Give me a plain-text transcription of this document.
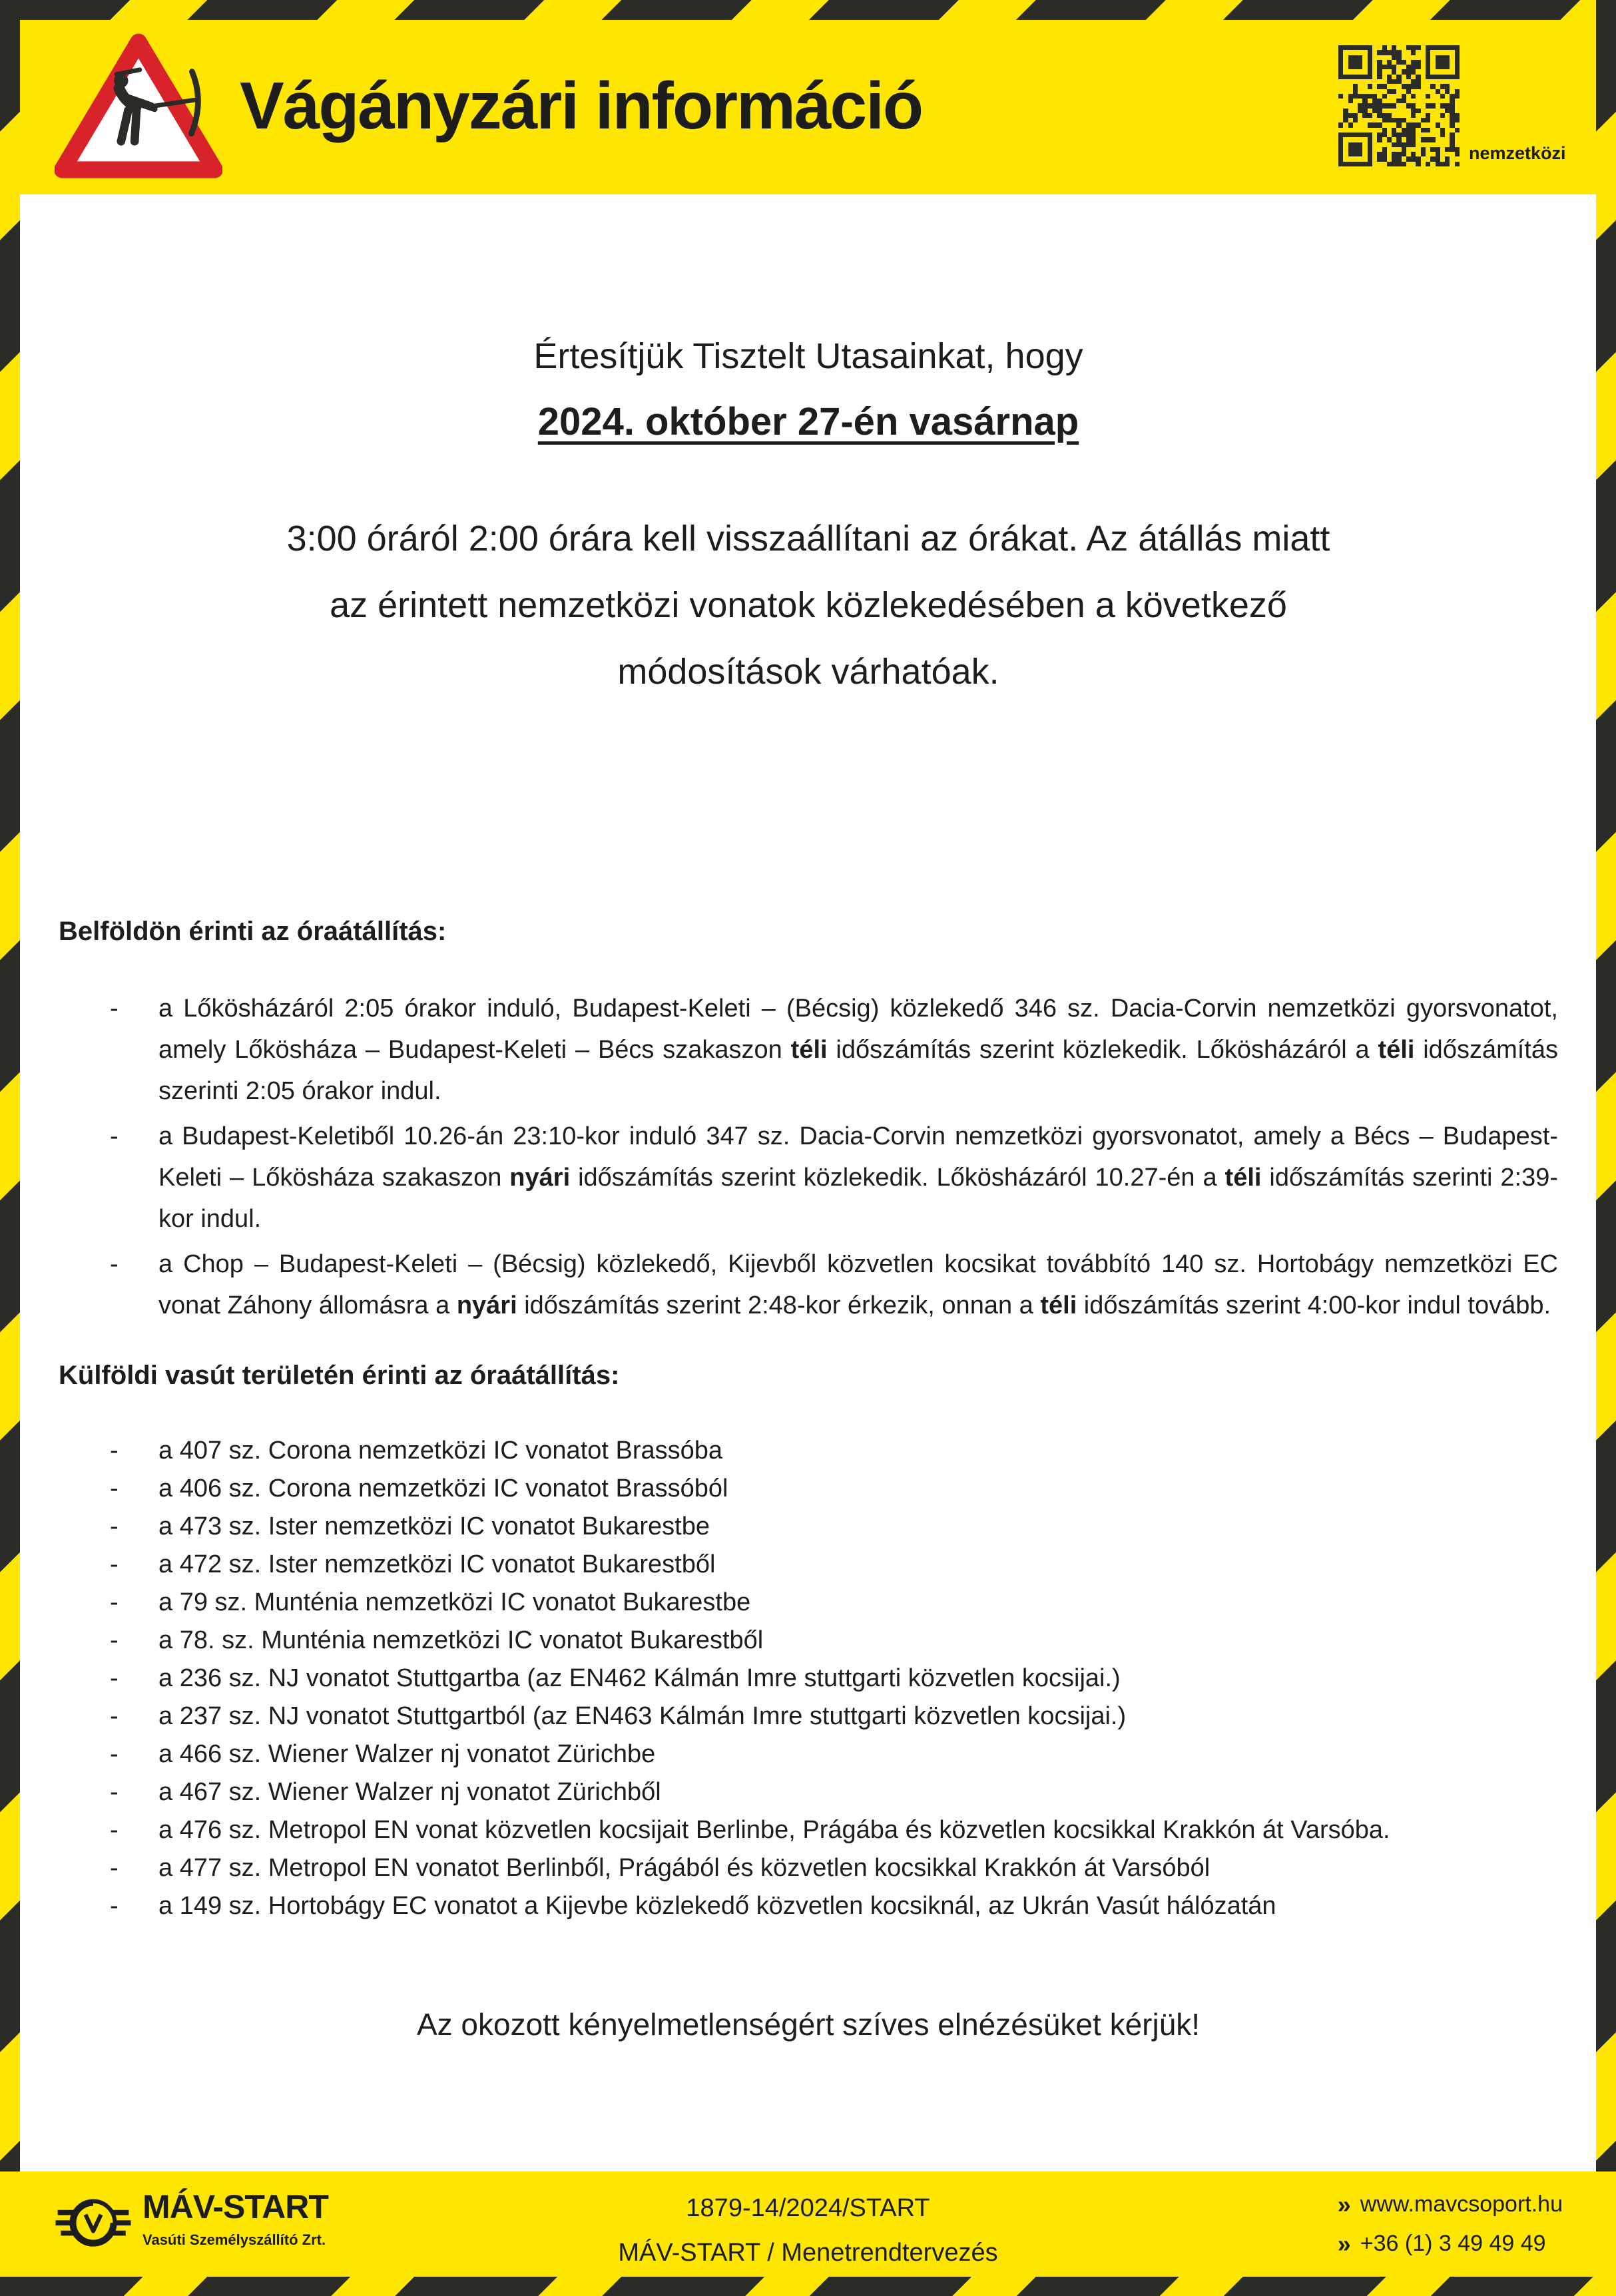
Vágányzári információ
nemzetközi

Értesítjük Tisztelt Utasainkat, hogy

2024. október 27-én vasárnap

3:00 óráról 2:00 órára kell visszaállítani az órákat. Az átállás miatt
az érintett nemzetközi vonatok közlekedésében a következő
módosítások várhatóak.

Belföldön érinti az óraátállítás:
- a Lőkösházáról 2:05 órakor induló, Budapest-Keleti – (Bécsig) közlekedő 346 sz. Dacia-Corvin nemzetközi gyorsvonatot, amely Lőkösháza – Budapest-Keleti – Bécs szakaszon téli időszámítás szerint közlekedik. Lőkösházáról a téli időszámítás szerinti 2:05 órakor indul.
- a Budapest-Keletiből 10.26-án 23:10-kor induló 347 sz. Dacia-Corvin nemzetközi gyorsvonatot, amely a Bécs – Budapest-Keleti – Lőkösháza szakaszon nyári időszámítás szerint közlekedik. Lőkösházáról 10.27-én a téli időszámítás szerinti 2:39-kor indul.
- a Chop – Budapest-Keleti – (Bécsig) közlekedő, Kijevből közvetlen kocsikat továbbító 140 sz. Hortobágy nemzetközi EC vonat Záhony állomásra a nyári időszámítás szerint 2:48-kor érkezik, onnan a téli időszámítás szerint 4:00-kor indul tovább.
Külföldi vasút területén érinti az óraátállítás:
- a 407 sz. Corona nemzetközi IC vonatot Brassóba
- a 406 sz. Corona nemzetközi IC vonatot Brassóból
- a 473 sz. Ister nemzetközi IC vonatot Bukarestbe
- a 472 sz. Ister nemzetközi IC vonatot Bukarestből
- a 79 sz. Munténia nemzetközi IC vonatot Bukarestbe
- a 78. sz. Munténia nemzetközi IC vonatot Bukarestből
- a 236 sz. NJ vonatot Stuttgartba (az EN462 Kálmán Imre stuttgarti közvetlen kocsijai.)
- a 237 sz. NJ vonatot Stuttgartból (az EN463 Kálmán Imre stuttgarti közvetlen kocsijai.)
- a 466 sz. Wiener Walzer nj vonatot Zürichbe
- a 467 sz. Wiener Walzer nj vonatot Zürichből
- a 476 sz. Metropol EN vonat közvetlen kocsijait Berlinbe, Prágába és közvetlen kocsikkal Krakkón át Varsóba.
- a 477 sz. Metropol EN vonatot Berlinből, Prágából és közvetlen kocsikkal Krakkón át Varsóból
- a 149 sz. Hortobágy EC vonatot a Kijevbe közlekedő közvetlen kocsiknál, az Ukrán Vasút hálózatán

Az okozott kényelmetlenségért szíves elnézésüket kérjük!

MÁV-START
Vasúti Személyszállító Zrt.
1879-14/2024/START
MÁV-START / Menetrendtervezés
» www.mavcsoport.hu
» +36 (1) 3 49 49 49
